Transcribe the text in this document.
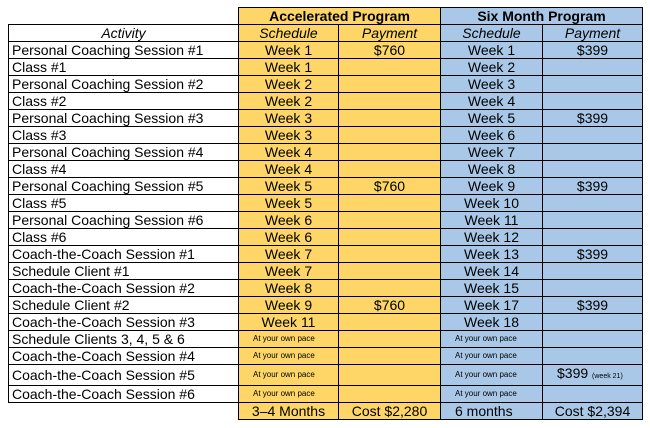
	Accelerated Program		Six Month Program	
Activity	Schedule	Payment	Schedule	Payment
Personal Coaching Session #1	Week 1	$760	Week 1	$399
Class #1	Week 1		Week 2	
Personal Coaching Session #2	Week 2		Week 3	
Class #2	Week 2		Week 4	
Personal Coaching Session #3	Week 3		Week 5	$399
Class #3	Week 3		Week 6	
Personal Coaching Session #4	Week 4		Week 7	
Class #4	Week 4		Week 8	
Personal Coaching Session #5	Week 5	$760	Week 9	$399
Class #5	Week 5		Week 10	
Personal Coaching Session #6	Week 6		Week 11	
Class #6	Week 6		Week 12	
Coach-the-Coach Session #1	Week 7		Week 13	$399
Schedule Client #1	Week 7		Week 14	
Coach-the-Coach Session #2	Week 8		Week 15	
Schedule Client #2	Week 9	$760	Week 17	$399
Coach-the-Coach Session #3	Week 11		Week 18	
Schedule Clients 3, 4, 5 & 6	At your own pace		At your own pace	
Coach-the-Coach Session #4	At your own pace		At your own pace	
Coach-the-Coach Session #5	At your own pace		At your own pace	$399 (week 21)
Coach-the-Coach Session #6	At your own pace		At your own pace	
	3–4 Months	Cost $2,280	6 months	Cost $2,394
